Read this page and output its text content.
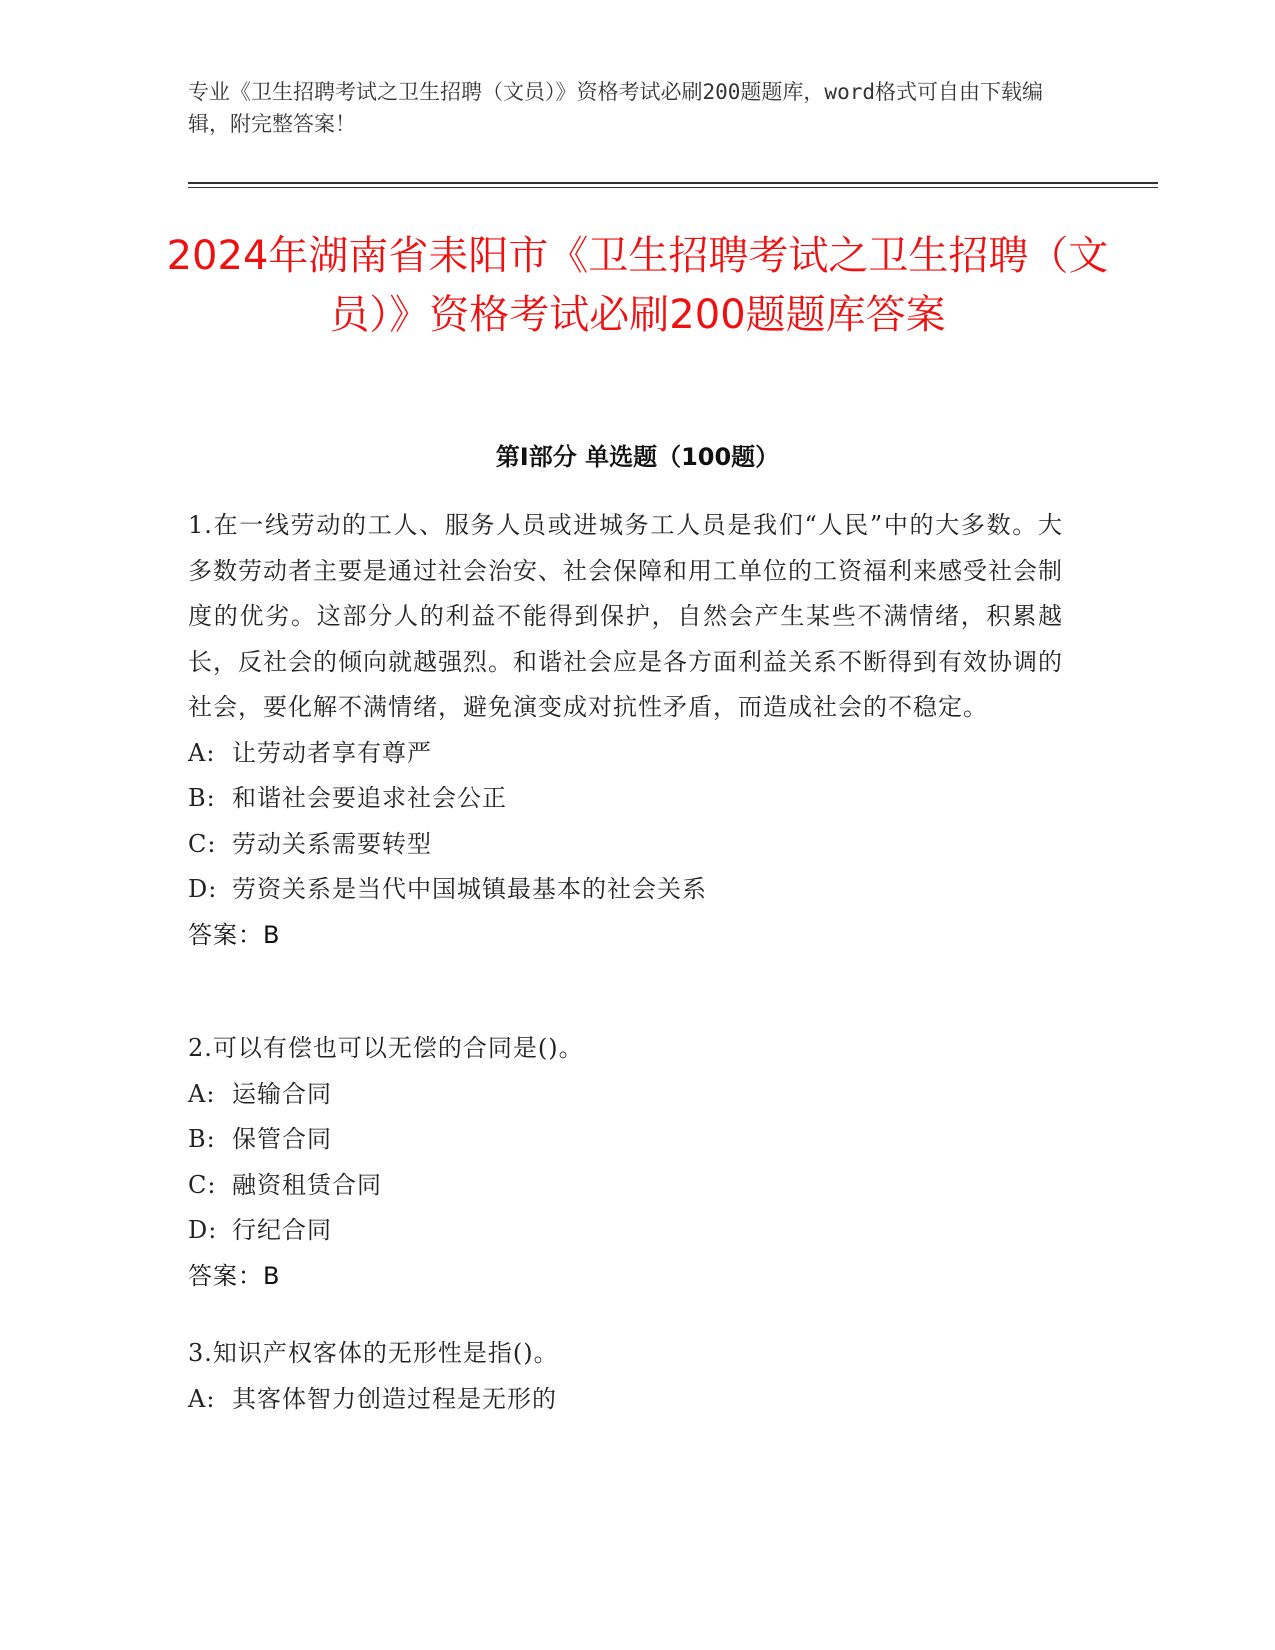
专业《卫生招聘考试之卫生招聘（文员）》资格考试必刷200题题库，word格式可自由下载编辑，附完整答案！
2024年湖南省耒阳市《卫生招聘考试之卫生招聘（文员）》资格考试必刷200题题库答案
第I部分 单选题（100题）

1.在一线劳动的工人、服务人员或进城务工人员是我们“人民”中的大多数。大多数劳动者主要是通过社会治安、社会保障和用工单位的工资福利来感受社会制度的优劣。这部分人的利益不能得到保护，自然会产生某些不满情绪，积累越长，反社会的倾向就越强烈。和谐社会应是各方面利益关系不断得到有效协调的社会，要化解不满情绪，避免演变成对抗性矛盾，而造成社会的不稳定。

A: 让劳动者享有尊严

B: 和谐社会要追求社会公正

C: 劳动关系需要转型

D: 劳资关系是当代中国城镇最基本的社会关系

答案：B

2.可以有偿也可以无偿的合同是()。

A: 运输合同

B: 保管合同

C: 融资租赁合同

D: 行纪合同

答案：B

3.知识产权客体的无形性是指()。

A: 其客体智力创造过程是无形的
